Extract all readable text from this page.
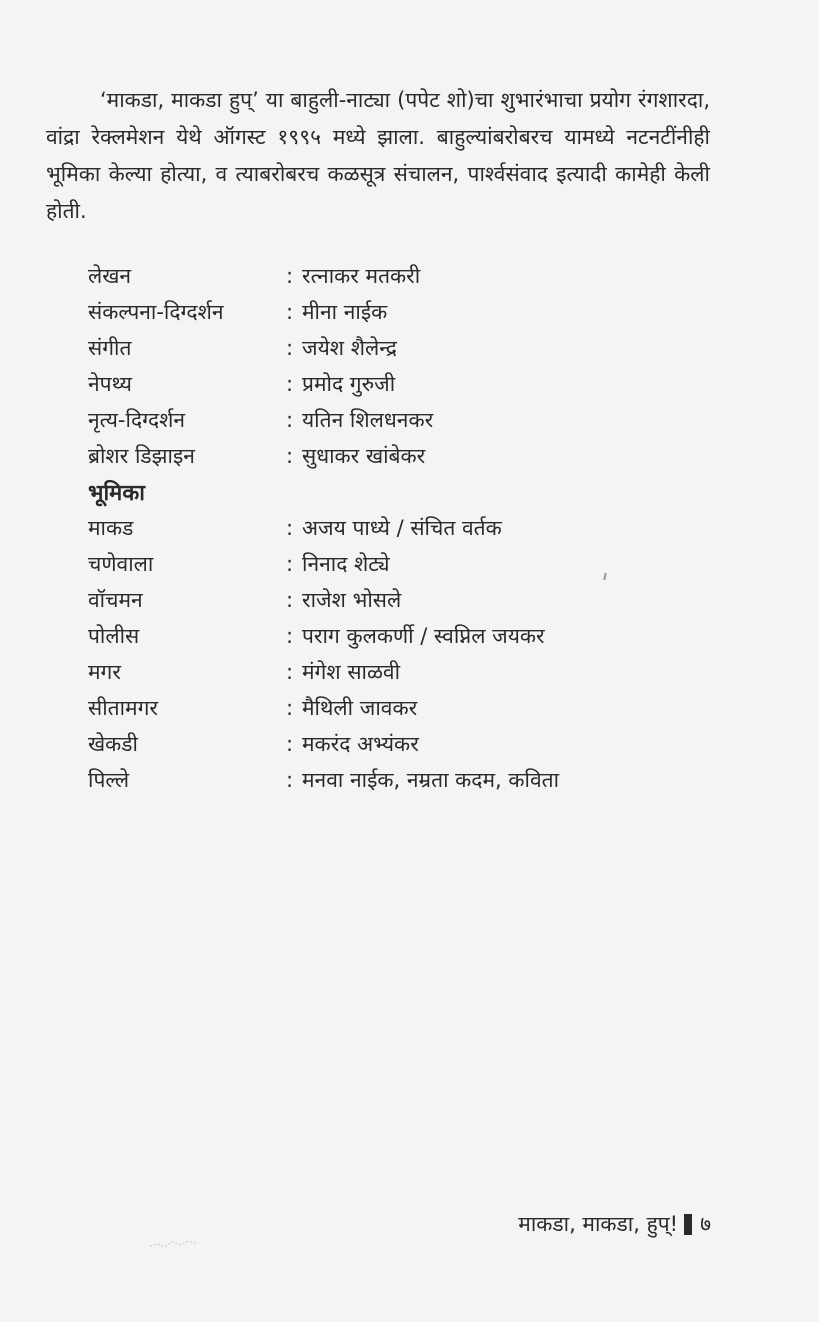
‘माकडा, माकडा हुप्’ या बाहुली-नाट्या (पपेट शो)चा शुभारंभाचा प्रयोग रंगशारदा, वांद्रा रेक्लमेशन येथे ऑगस्ट १९९५ मध्ये झाला. बाहुल्यांबरोबरच यामध्ये नटनटींनीही भूमिका केल्या होत्या, व त्याबरोबरच कळसूत्र संचालन, पार्श्वसंवाद इत्यादी कामेही केली होती.

लेखन	: रत्नाकर मतकरी
संकल्पना-दिग्दर्शन	: मीना नाईक
संगीत	: जयेश शैलेन्द्र
नेपथ्य	: प्रमोद गुरुजी
नृत्य-दिग्दर्शन	: यतिन शिलधनकर
ब्रोशर डिझाइन	: सुधाकर खांबेकर
भूमिका
माकड	: अजय पाध्ये / संचित वर्तक
चणेवाला	: निनाद शेट्ये
वॉचमन	: राजेश भोसले
पोलीस	: पराग कुलकर्णी / स्वप्निल जयकर
मगर	: मंगेश साळवी
सीतामगर	: मैथिली जावकर
खेकडी	: मकरंद अभ्यंकर
पिल्ले	: मनवा नाईक, नम्रता कदम, कविता
माकडा, माकडा, हुप्! ७
